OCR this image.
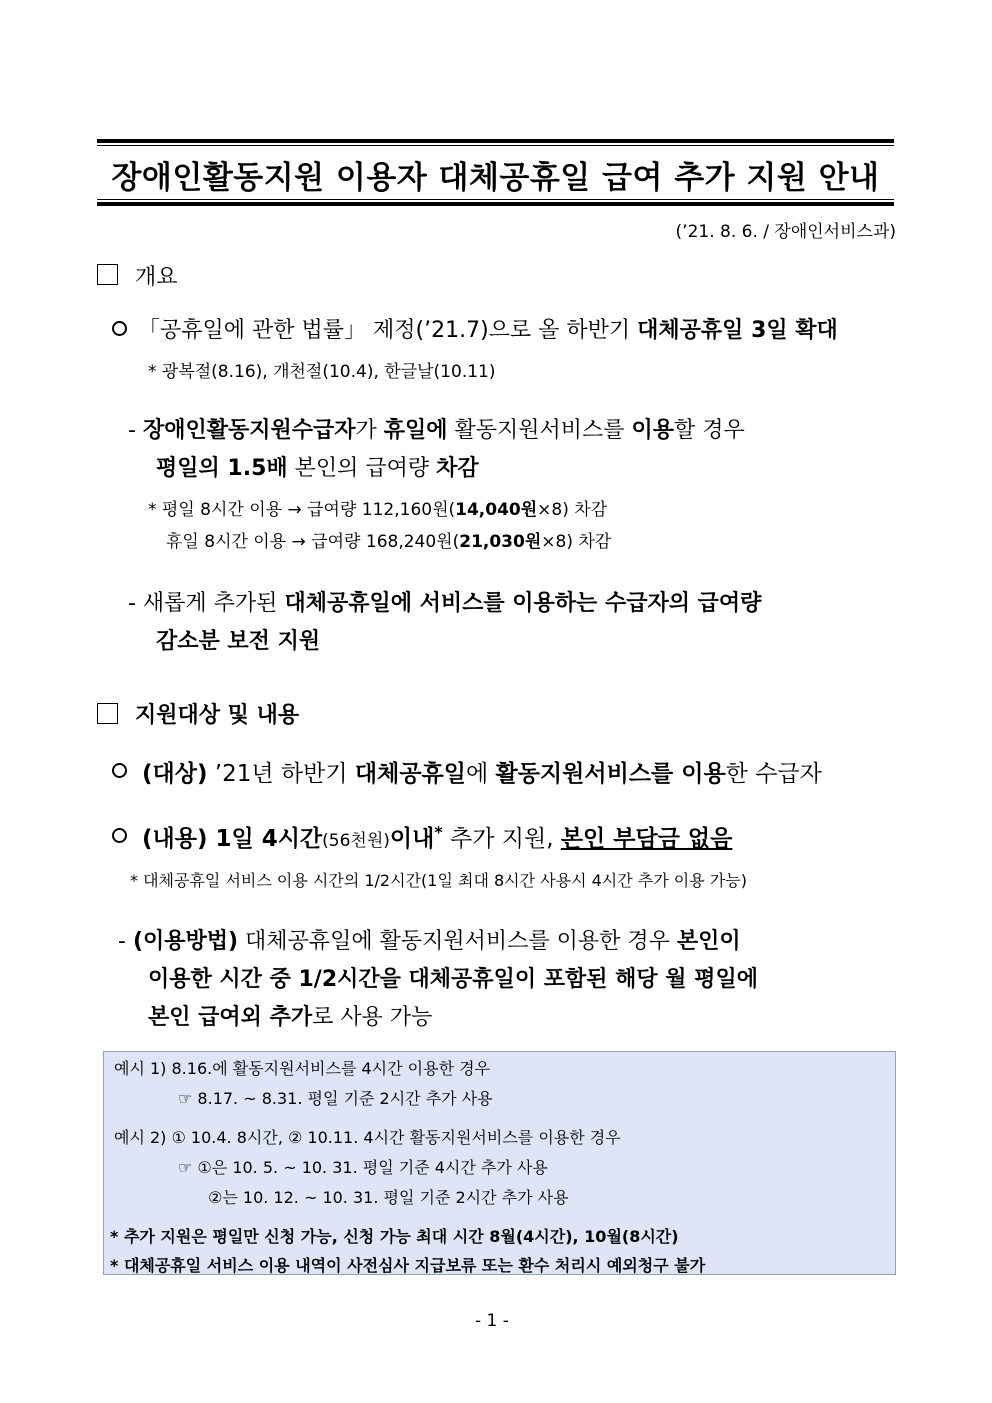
장애인활동지원 이용자 대체공휴일 급여 추가 지원 안내
(’21. 8. 6. / 장애인서비스과)
개요
「공휴일에 관한 법률」 제정(’21.7)으로 올 하반기 대체공휴일 3일 확대
* 광복절(8.16), 개천절(10.4), 한글날(10.11)
- 장애인활동지원수급자가 휴일에 활동지원서비스를 이용할 경우
평일의 1.5배 본인의 급여량 차감
* 평일 8시간 이용 → 급여량 112,160원(14,040원×8) 차감
휴일 8시간 이용 → 급여량 168,240원(21,030원×8) 차감
- 새롭게 추가된 대체공휴일에 서비스를 이용하는 수급자의 급여량
감소분 보전 지원
지원대상 및 내용
(대상) ’21년 하반기 대체공휴일에 활동지원서비스를 이용한 수급자
(내용) 1일 4시간(56천원)이내* 추가 지원, 본인 부담금 없음
* 대체공휴일 서비스 이용 시간의 1/2시간(1일 최대 8시간 사용시 4시간 추가 이용 가능)
- (이용방법) 대체공휴일에 활동지원서비스를 이용한 경우 본인이
이용한 시간 중 1/2시간을 대체공휴일이 포함된 해당 월 평일에
본인 급여외 추가로 사용 가능
예시 1) 8.16.에 활동지원서비스를 4시간 이용한 경우
☞ 8.17. ~ 8.31. 평일 기준 2시간 추가 사용
예시 2) ① 10.4. 8시간, ② 10.11. 4시간 활동지원서비스를 이용한 경우
☞ ①은 10. 5. ~ 10. 31. 평일 기준 4시간 추가 사용
②는 10. 12. ~ 10. 31. 평일 기준 2시간 추가 사용
* 추가 지원은 평일만 신청 가능, 신청 가능 최대 시간 8월(4시간), 10월(8시간)
* 대체공휴일 서비스 이용 내역이 사전심사 지급보류 또는 환수 처리시 예외청구 불가
- 1 -
